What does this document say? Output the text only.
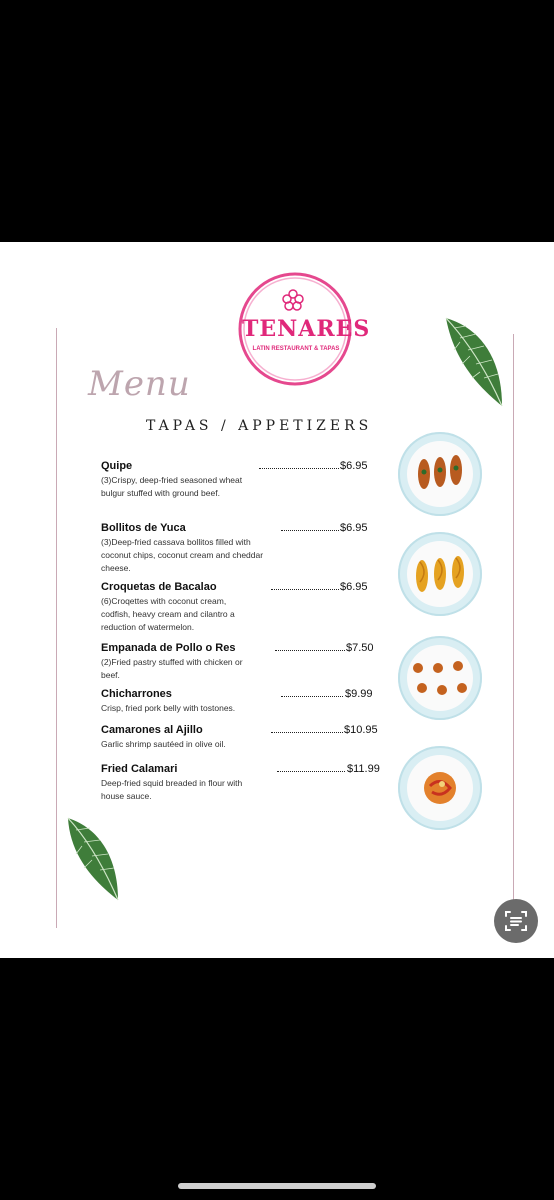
TENARES
LATIN RESTAURANT & TAPAS
Menu
TAPAS / APPETIZERS
Quipe	$6.95
(3)Crispy, deep-fried seasoned wheat bulgur stuffed with ground beef.
Bollitos de Yuca	$6.95
(3)Deep-fried cassava bollitos filled with coconut chips, coconut cream and cheddar cheese.
Croquetas de Bacalao	$6.95
(6)Croqettes with coconut cream, codfish, heavy cream and cilantro a reduction of watermelon.
Empanada de Pollo o Res	$7.50
(2)Fried pastry stuffed with chicken or beef.
Chicharrones	$9.99
Crisp, fried pork belly with tostones.
Camarones al Ajillo	$10.95
Garlic shrimp sautéed in olive oil.
Fried Calamari	$11.99
Deep-fried squid breaded in flour with house sauce.
